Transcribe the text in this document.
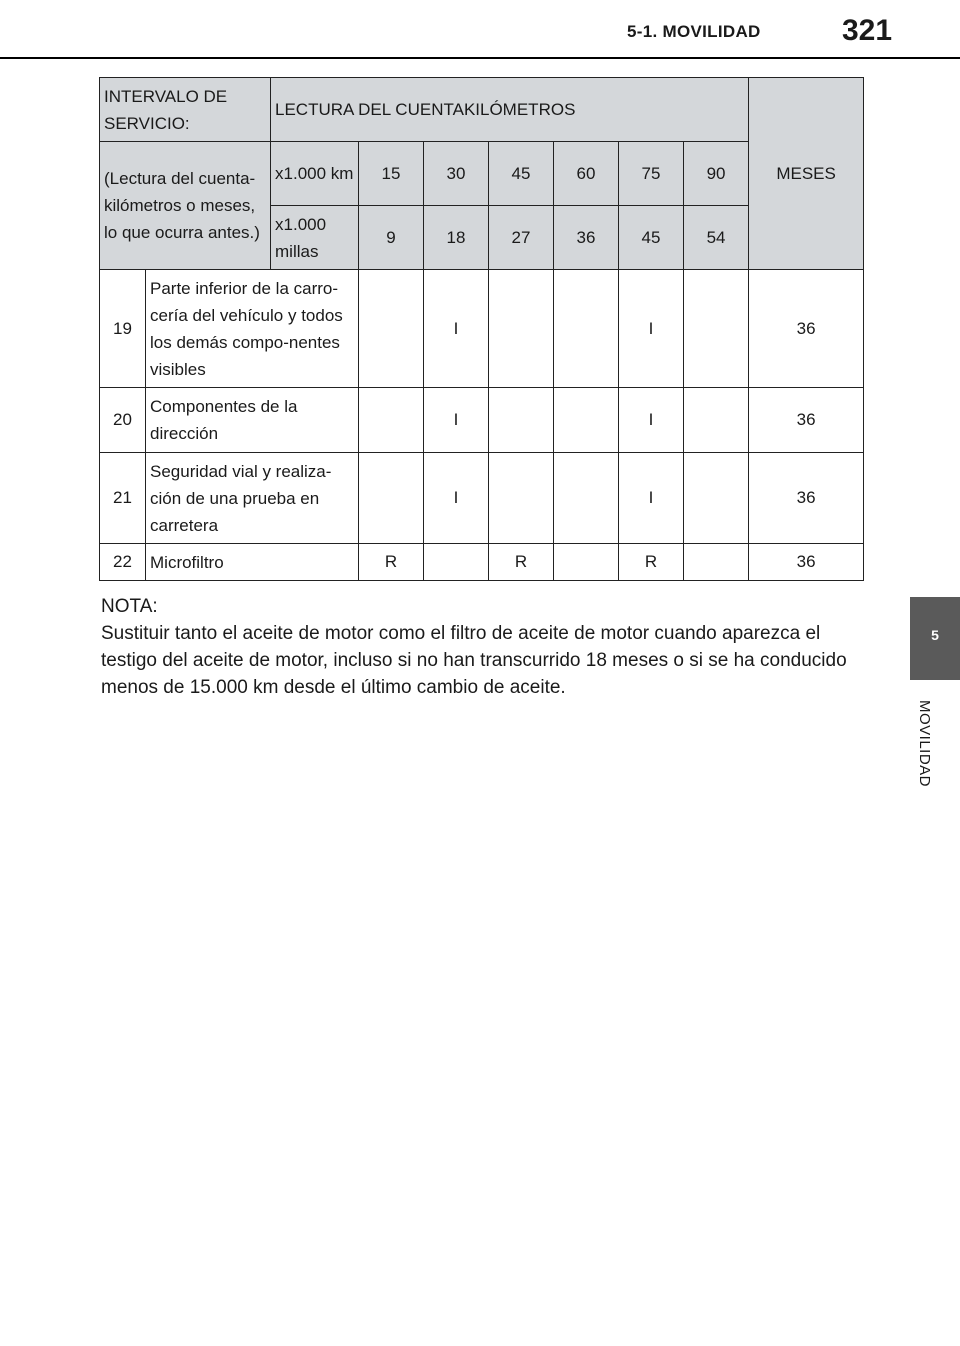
5-1. MOVILIDAD	321
5
MOVILIDAD
INTERVALO DE SERVICIO:		LECTURA DEL CUENTAKILÓMETROS							MESES
(Lectura del cuenta-kilómetros o meses, lo que ocurra antes.)		x1.000 km	15	30	45	60	75	90	
		x1.000 millas	9	18	27	36	45	54	
19	Parte inferior de la carro-cería del vehículo y todos los demás compo-nentes visibles			I			I		36
20	Componentes de la dirección			I			I		36
21	Seguridad vial y realiza-ción de una prueba en carretera			I			I		36
22	Microfiltro		R		R		R		36
NOTA:
Sustituir tanto el aceite de motor como el filtro de aceite de motor cuando aparezca el testigo del aceite de motor, incluso si no han transcurrido 18 meses o si se ha conducido menos de 15.000 km desde el último cambio de aceite.
